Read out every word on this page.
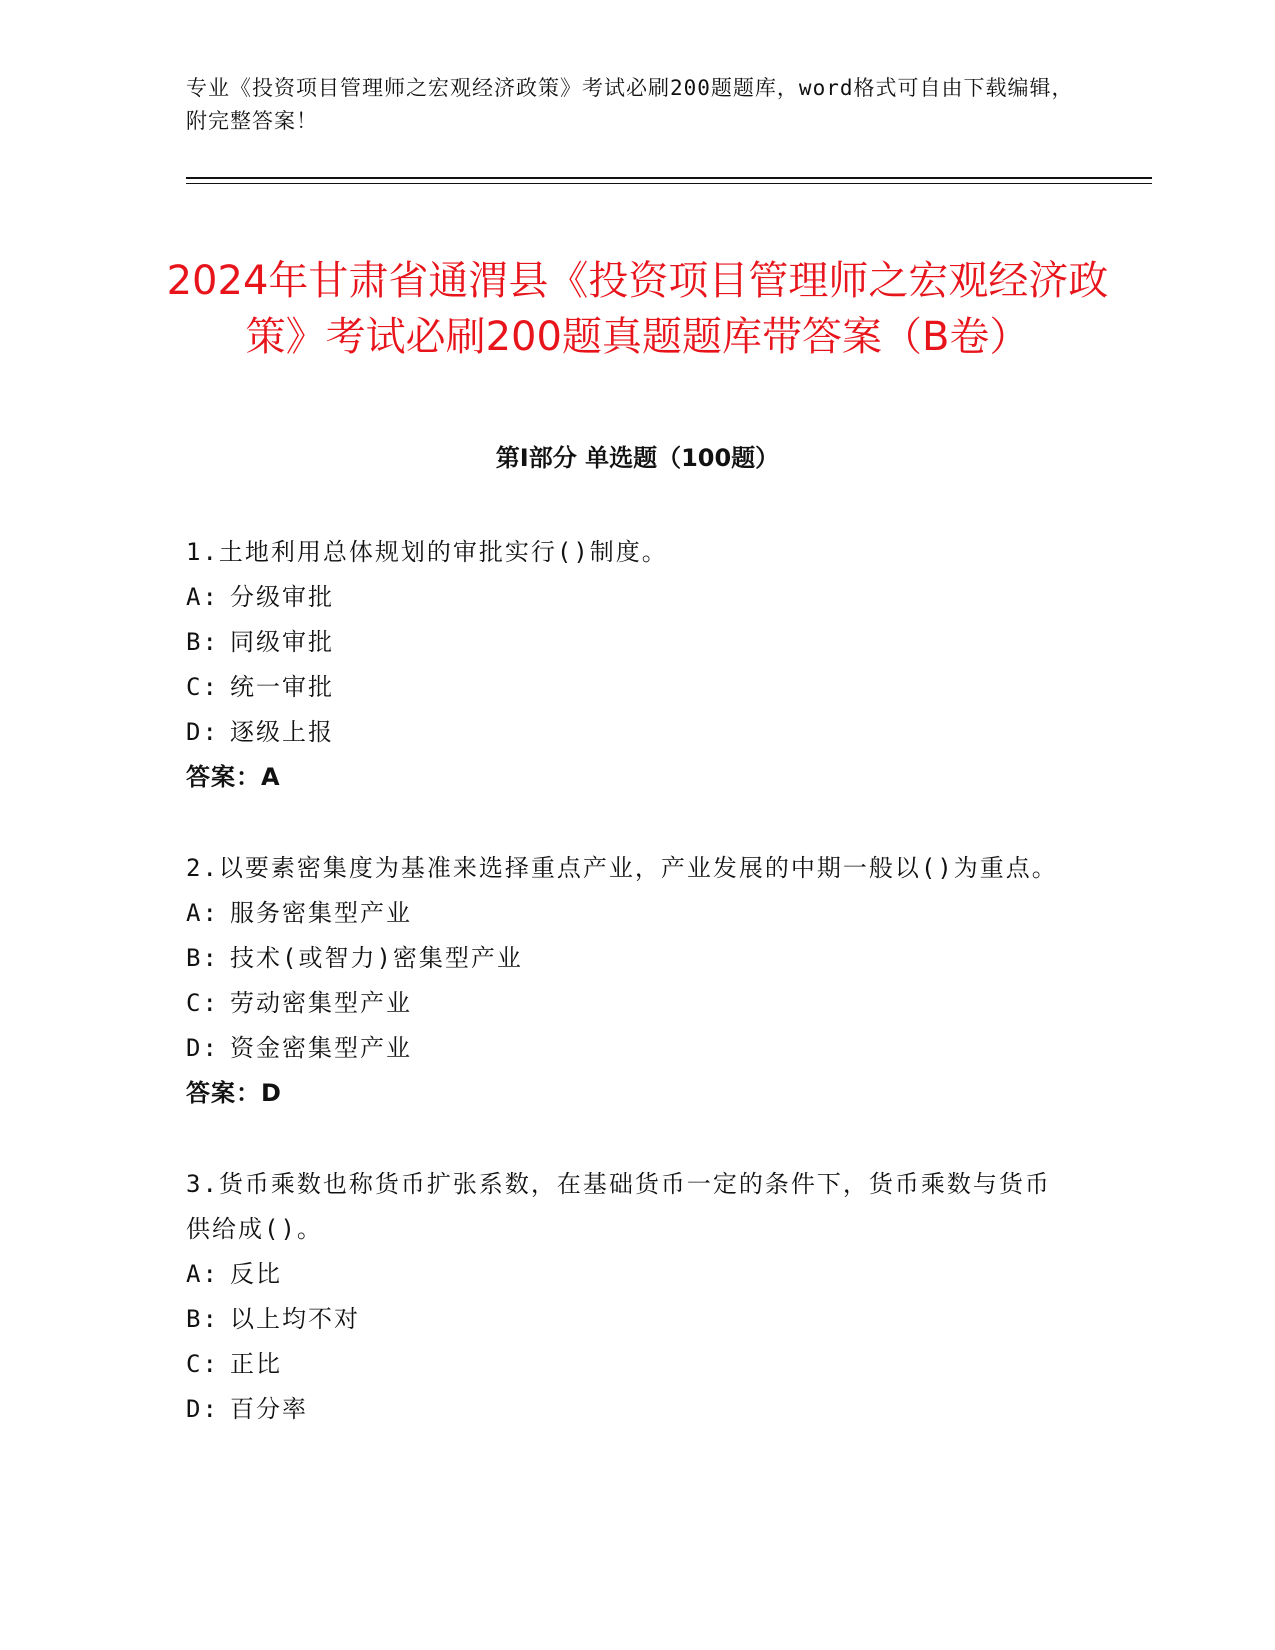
专业《投资项目管理师之宏观经济政策》考试必刷200题题库，word格式可自由下载编辑，附完整答案！
2024年甘肃省通渭县《投资项目管理师之宏观经济政策》考试必刷200题真题题库带答案（B卷）
第I部分 单选题（100题）
1.土地利用总体规划的审批实行()制度。
A: 分级审批
B: 同级审批
C: 统一审批
D: 逐级上报
答案：A
2.以要素密集度为基准来选择重点产业，产业发展的中期一般以()为重点。
A: 服务密集型产业
B: 技术(或智力)密集型产业
C: 劳动密集型产业
D: 资金密集型产业
答案：D
3.货币乘数也称货币扩张系数，在基础货币一定的条件下，货币乘数与货币供给成()。
A: 反比
B: 以上均不对
C: 正比
D: 百分率
